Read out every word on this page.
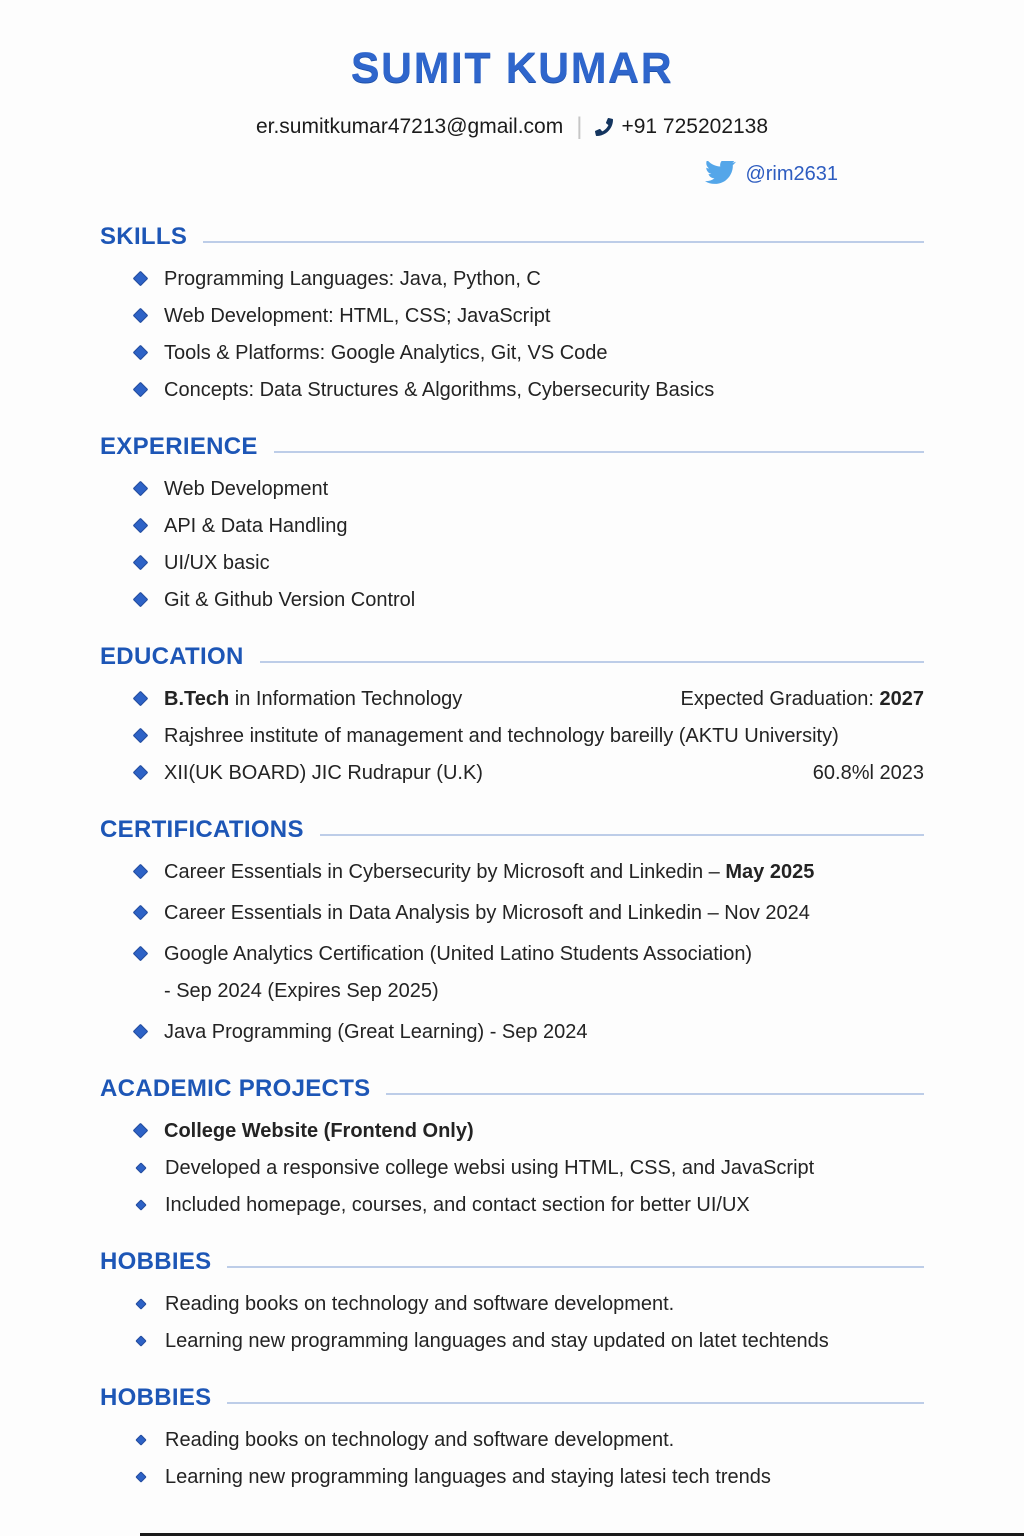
SUMIT KUMAR
er.sumitkumar47213@gmail.com | +91 725202138
@rim2631
SKILLS
Programming Languages: Java, Python, C
Web Development: HTML, CSS; JavaScript
Tools & Platforms: Google Analytics, Git, VS Code
Concepts: Data Structures & Algorithms, Cybersecurity Basics
EXPERIENCE
Web Development
API & Data Handling
UI/UX basic
Git & Github Version Control
EDUCATION
B.Tech in Information Technology	Expected Graduation: 2027
Rajshree institute of management and technology bareilly (AKTU University)
XII(UK BOARD) JIC Rudrapur (U.K)	60.8%l 2023
CERTIFICATIONS
Career Essentials in Cybersecurity by Microsoft and Linkedin – May 2025
Career Essentials in Data Analysis by Microsoft and Linkedin – Nov 2024
Google Analytics Certification (United Latino Students Association)
- Sep 2024 (Expires Sep 2025)
Java Programming (Great Learning) - Sep 2024
ACADEMIC PROJECTS
College Website (Frontend Only)
Developed a responsive college websi using HTML, CSS, and JavaScript
Included homepage, courses, and contact section for better UI/UX
HOBBIES
Reading books on technology and software development.
Learning new programming languages and stay updated on latet techtends
HOBBIES
Reading books on technology and software development.
Learning new programming languages and staying latesi tech trends
